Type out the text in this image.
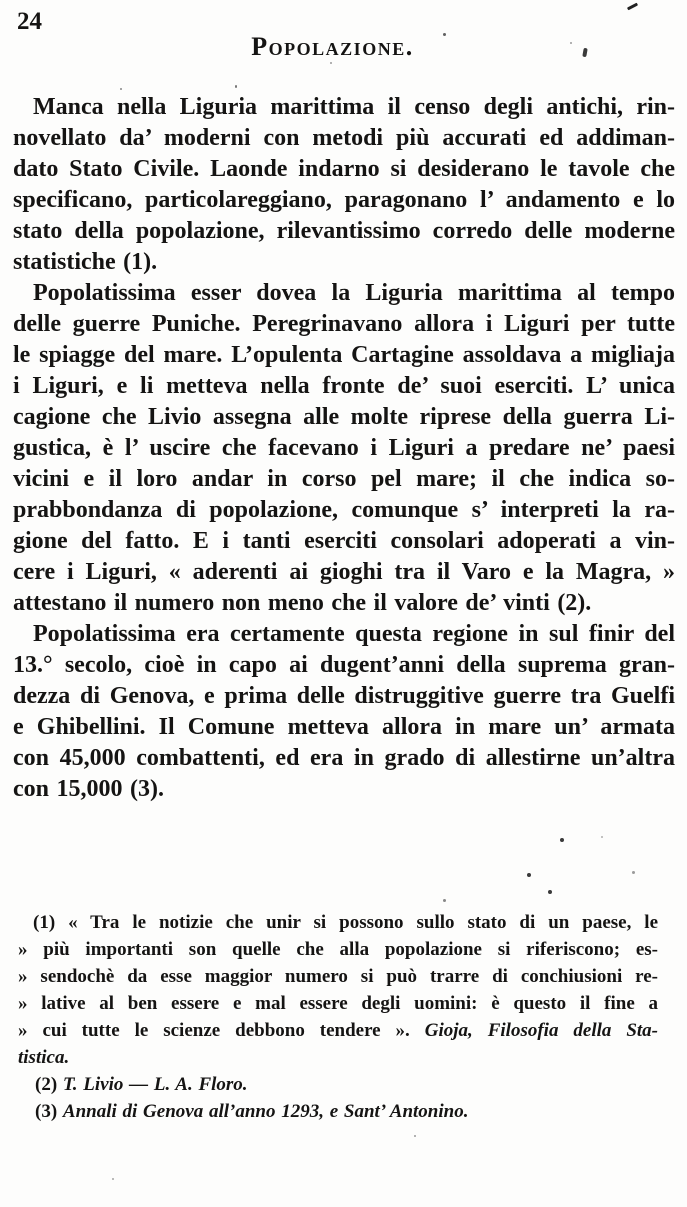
24
Popolazione.
Manca nella Liguria marittima il censo degli antichi, rin-
novellato da’ moderni con metodi più accurati ed addiman-
dato Stato Civile. Laonde indarno si desiderano le tavole che
specificano, particolareggiano, paragonano l’ andamento e lo
stato della popolazione, rilevantissimo corredo delle moderne
statistiche (1).
Popolatissima esser dovea la Liguria marittima al tempo
delle guerre Puniche. Peregrinavano allora i Liguri per tutte
le spiagge del mare. L’opulenta Cartagine assoldava a migliaja
i Liguri, e li metteva nella fronte de’ suoi eserciti. L’ unica
cagione che Livio assegna alle molte riprese della guerra Li-
gustica, è l’ uscire che facevano i Liguri a predare ne’ paesi
vicini e il loro andar in corso pel mare; il che indica so-
prabbondanza di popolazione, comunque s’ interpreti la ra-
gione del fatto. E i tanti eserciti consolari adoperati a vin-
cere i Liguri, « aderenti ai gioghi tra il Varo e la Magra, »
attestano il numero non meno che il valore de’ vinti (2).
Popolatissima era certamente questa regione in sul finir del
13.° secolo, cioè in capo ai dugent’anni della suprema gran-
dezza di Genova, e prima delle distruggitive guerre tra Guelfi
e Ghibellini. Il Comune metteva allora in mare un’ armata
con 45,000 combattenti, ed era in grado di allestirne un’altra
con 15,000 (3).
(1) « Tra le notizie che unir si possono sullo stato di un paese, le
» più importanti son quelle che alla popolazione si riferiscono; es-
» sendochè da esse maggior numero si può trarre di conchiusioni re-
» lative al ben essere e mal essere degli uomini: è questo il fine a
» cui tutte le scienze debbono tendere ». Gioja, Filosofia della Sta-
tistica.
(2) T. Livio — L. A. Floro.
(3) Annali di Genova all’anno 1293, e Sant’ Antonino.
